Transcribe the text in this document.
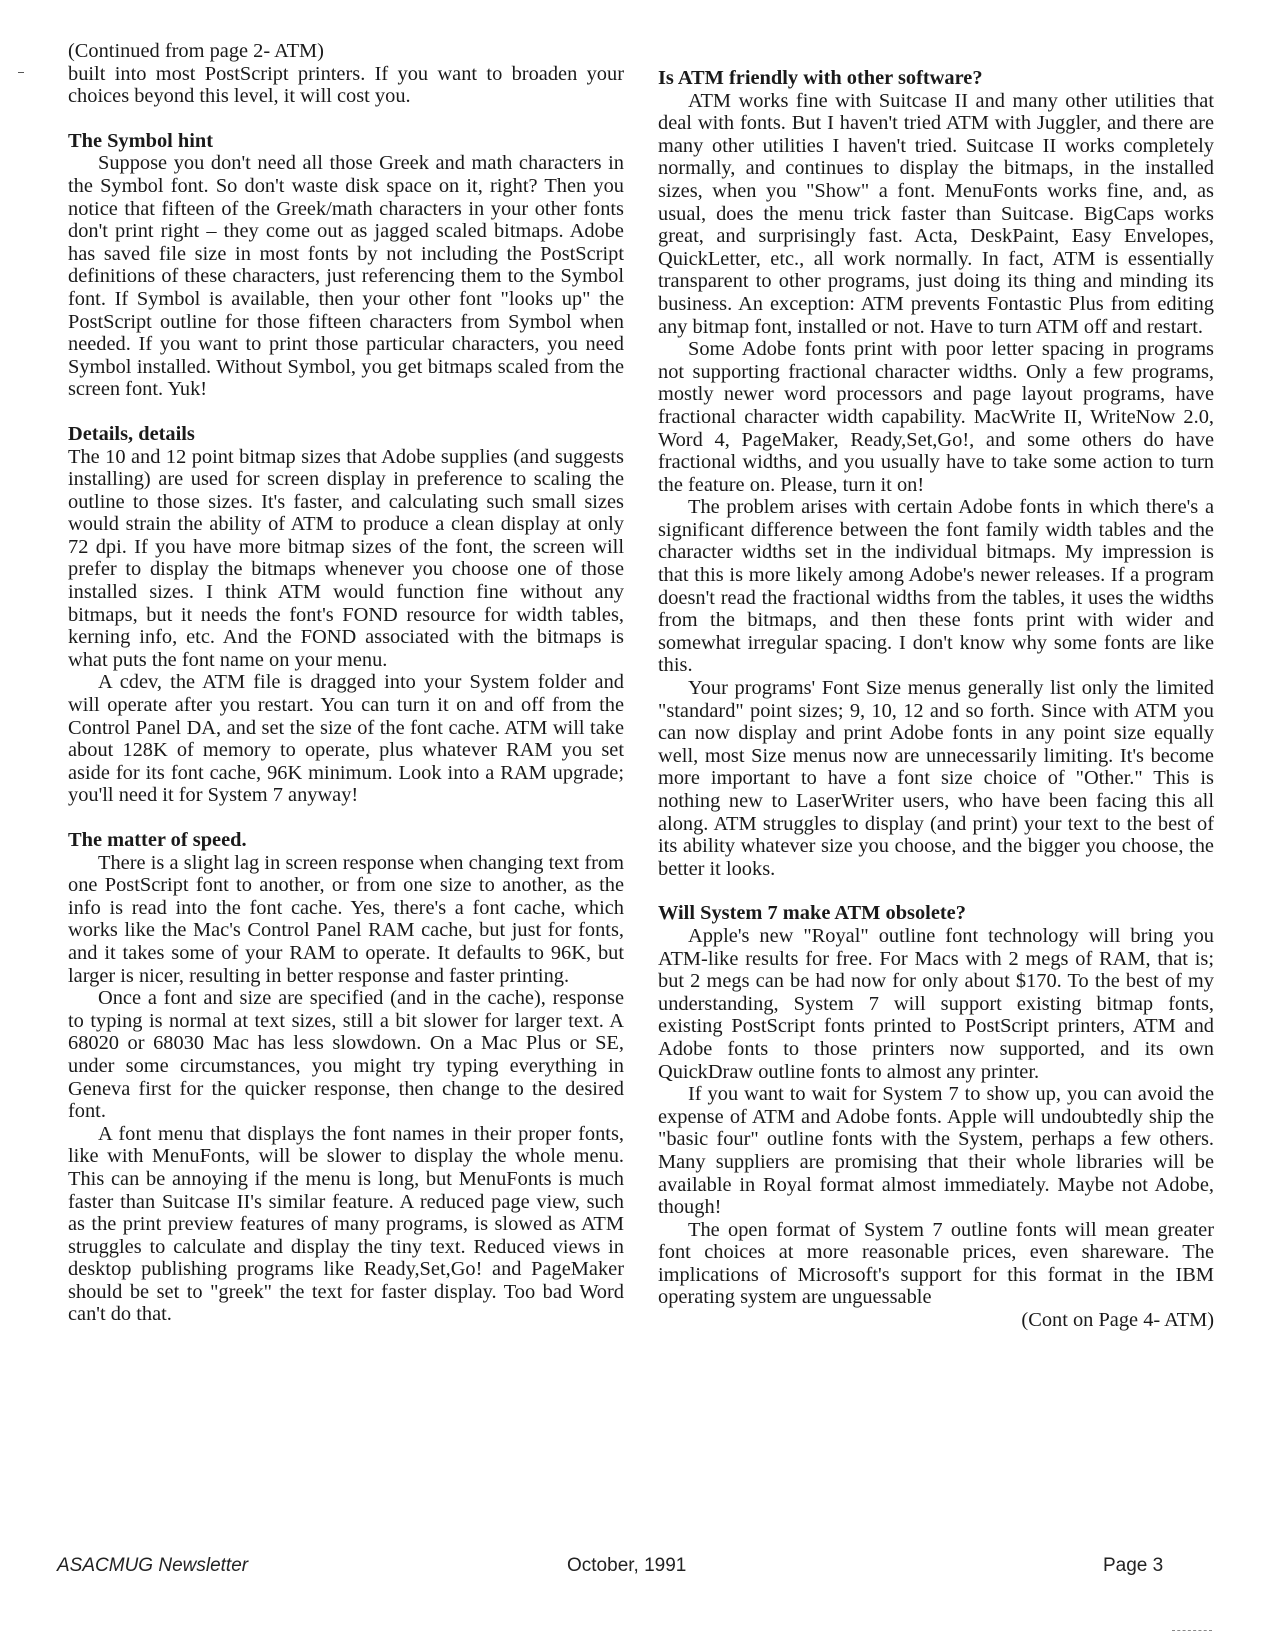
(Continued from page 2- ATM)

built into most PostScript printers. If you want to broaden your choices beyond this level, it will cost you.

The Symbol hint

Suppose you don't need all those Greek and math characters in the Symbol font. So don't waste disk space on it, right? Then you notice that fifteen of the Greek/math characters in your other fonts don't print right – they come out as jagged scaled bitmaps. Adobe has saved file size in most fonts by not including the PostScript definitions of these characters, just referencing them to the Symbol font. If Symbol is available, then your other font "looks up" the PostScript outline for those fifteen characters from Symbol when needed. If you want to print those particular characters, you need Symbol installed. Without Symbol, you get bitmaps scaled from the screen font. Yuk!

Details, details

The 10 and 12 point bitmap sizes that Adobe supplies (and suggests installing) are used for screen display in preference to scaling the outline to those sizes. It's faster, and calculating such small sizes would strain the ability of ATM to produce a clean display at only 72 dpi. If you have more bitmap sizes of the font, the screen will prefer to display the bitmaps whenever you choose one of those installed sizes. I think ATM would function fine without any bitmaps, but it needs the font's FOND resource for width tables, kerning info, etc. And the FOND associated with the bitmaps is what puts the font name on your menu.

A cdev, the ATM file is dragged into your System folder and will operate after you restart. You can turn it on and off from the Control Panel DA, and set the size of the font cache. ATM will take about 128K of memory to operate, plus whatever RAM you set aside for its font cache, 96K minimum. Look into a RAM upgrade; you'll need it for System 7 anyway!

The matter of speed.

There is a slight lag in screen response when changing text from one PostScript font to another, or from one size to another, as the info is read into the font cache. Yes, there's a font cache, which works like the Mac's Control Panel RAM cache, but just for fonts, and it takes some of your RAM to operate. It defaults to 96K, but larger is nicer, resulting in better response and faster printing.

Once a font and size are specified (and in the cache), response to typing is normal at text sizes, still a bit slower for larger text. A 68020 or 68030 Mac has less slowdown. On a Mac Plus or SE, under some circumstances, you might try typing everything in Geneva first for the quicker response, then change to the desired font.

A font menu that displays the font names in their proper fonts, like with MenuFonts, will be slower to display the whole menu. This can be annoying if the menu is long, but MenuFonts is much faster than Suitcase II's similar feature. A reduced page view, such as the print preview features of many programs, is slowed as ATM struggles to calculate and display the tiny text. Reduced views in desktop publishing programs like Ready,Set,Go! and PageMaker should be set to "greek" the text for faster display. Too bad Word can't do that.

Is ATM friendly with other software?

ATM works fine with Suitcase II and many other utilities that deal with fonts. But I haven't tried ATM with Juggler, and there are many other utilities I haven't tried. Suitcase II works completely normally, and continues to display the bitmaps, in the installed sizes, when you "Show" a font. MenuFonts works fine, and, as usual, does the menu trick faster than Suitcase. BigCaps works great, and surprisingly fast. Acta, DeskPaint, Easy Envelopes, QuickLetter, etc., all work normally. In fact, ATM is essentially transparent to other programs, just doing its thing and minding its business. An exception: ATM prevents Fontastic Plus from editing any bitmap font, installed or not. Have to turn ATM off and restart.

Some Adobe fonts print with poor letter spacing in programs not supporting fractional character widths. Only a few programs, mostly newer word processors and page layout programs, have fractional character width capability. MacWrite II, WriteNow 2.0, Word 4, PageMaker, Ready,Set,Go!, and some others do have fractional widths, and you usually have to take some action to turn the feature on. Please, turn it on!

The problem arises with certain Adobe fonts in which there's a significant difference between the font family width tables and the character widths set in the individual bitmaps. My impression is that this is more likely among Adobe's newer releases. If a program doesn't read the fractional widths from the tables, it uses the widths from the bitmaps, and then these fonts print with wider and somewhat irregular spacing. I don't know why some fonts are like this.

Your programs' Font Size menus generally list only the limited "standard" point sizes; 9, 10, 12 and so forth. Since with ATM you can now display and print Adobe fonts in any point size equally well, most Size menus now are unnecessarily limiting. It's become more important to have a font size choice of "Other." This is nothing new to LaserWriter users, who have been facing this all along. ATM struggles to display (and print) your text to the best of its ability whatever size you choose, and the bigger you choose, the better it looks.

Will System 7 make ATM obsolete?

Apple's new "Royal" outline font technology will bring you ATM-like results for free. For Macs with 2 megs of RAM, that is; but 2 megs can be had now for only about $170. To the best of my understanding, System 7 will support existing bitmap fonts, existing PostScript fonts printed to PostScript printers, ATM and Adobe fonts to those printers now supported, and its own QuickDraw outline fonts to almost any printer.

If you want to wait for System 7 to show up, you can avoid the expense of ATM and Adobe fonts. Apple will undoubtedly ship the "basic four" outline fonts with the System, perhaps a few others. Many suppliers are promising that their whole libraries will be available in Royal format almost immediately. Maybe not Adobe, though!

The open format of System 7 outline fonts will mean greater font choices at more reasonable prices, even shareware. The implications of Microsoft's support for this format in the IBM operating system are unguessable

(Cont on Page 4- ATM)

ASACMUG Newsletter	October, 1991	Page 3
